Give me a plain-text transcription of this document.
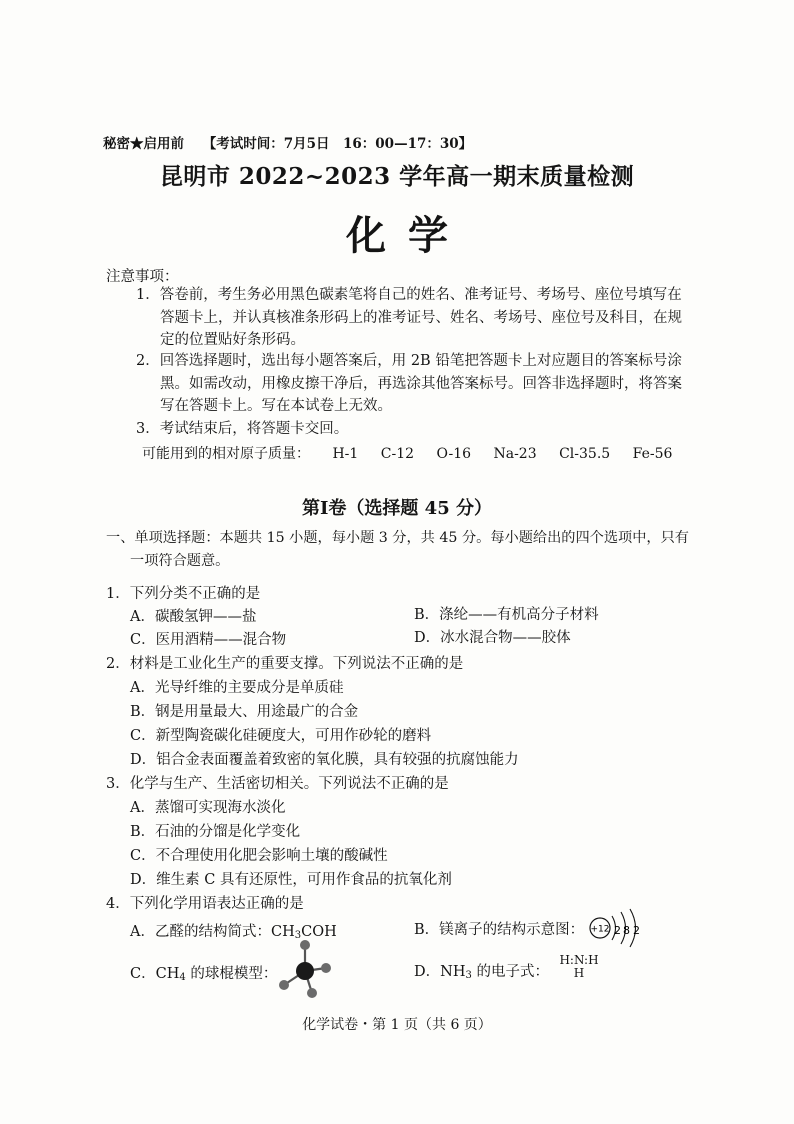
秘密★启用前 【考试时间：7月5日　16：00—17：30】
昆明市 2022~2023 学年高一期末质量检测
化学
注意事项：
1．答卷前，考生务必用黑色碳素笔将自己的姓名、准考证号、考场号、座位号填写在
答题卡上，并认真核准条形码上的准考证号、姓名、考场号、座位号及科目，在规
定的位置贴好条形码。
2．回答选择题时，选出每小题答案后，用 2B 铅笔把答题卡上对应题目的答案标号涂
黑。如需改动，用橡皮擦干净后，再选涂其他答案标号。回答非选择题时，将答案
写在答题卡上。写在本试卷上无效。
3．考试结束后，将答题卡交回。
可能用到的相对原子质量： H-1 C-12 O-16 Na-23 Cl-35.5 Fe-56
第Ⅰ卷（选择题 45 分）
一、单项选择题：本题共 15 小题，每小题 3 分，共 45 分。每小题给出的四个选项中，只有
一项符合题意。
1．下列分类不正确的是
A．碳酸氢钾——盐	B．涤纶——有机高分子材料
C．医用酒精——混合物	D．冰水混合物——胶体
2．材料是工业化生产的重要支撑。下列说法不正确的是
A．光导纤维的主要成分是单质硅
B．钢是用量最大、用途最广的合金
C．新型陶瓷碳化硅硬度大，可用作砂轮的磨料
D．铝合金表面覆盖着致密的氧化膜，具有较强的抗腐蚀能力
3．化学与生产、生活密切相关。下列说法不正确的是
A．蒸馏可实现海水淡化
B．石油的分馏是化学变化
C．不合理使用化肥会影响土壤的酸碱性
D．维生素 C 具有还原性，可用作食品的抗氧化剂
4．下列化学用语表达正确的是
A．乙醛的结构简式：$CH_3COH$	B．镁离子的结构示意图： +12 2 8 2
C．$CH_4$ 的球棍模型：	D．$NH_3$ 的电子式：
H:N:H
H
化学试卷・第 1 页（共 6 页）
